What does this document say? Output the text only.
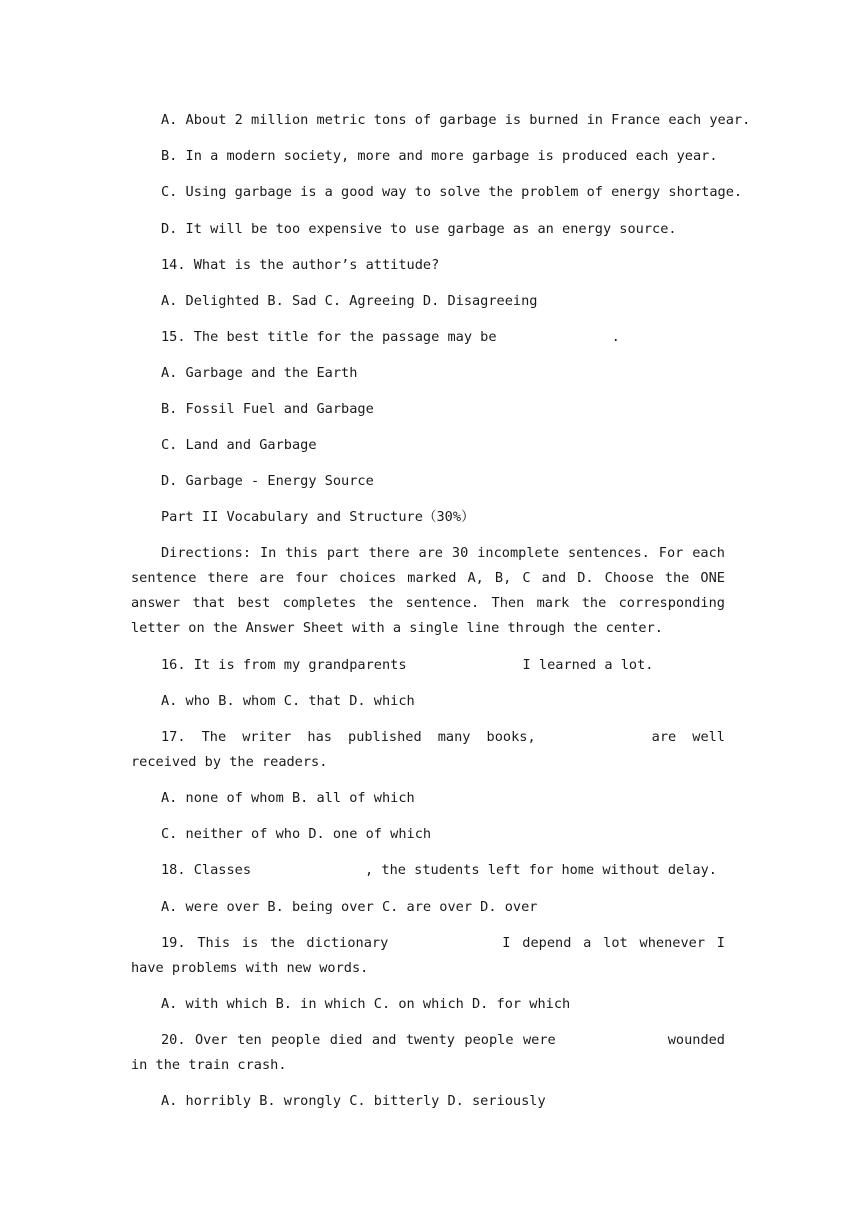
A. About 2 million metric tons of garbage is burned in France each year.
B. In a modern society, more and more garbage is produced each year.
C. Using garbage is a good way to solve the problem of energy shortage.
D. It will be too expensive to use garbage as an energy source.
14. What is the author’s attitude?
A. Delighted B. Sad C. Agreeing D. Disagreeing
15. The best title for the passage may be	.
A. Garbage and the Earth
B. Fossil Fuel and Garbage
C. Land and Garbage
D. Garbage - Energy Source
Part II Vocabulary and Structure（30%）
Directions: In this part there are 30 incomplete sentences. For each sentence there are four choices marked A, B, C and D. Choose the ONE answer that best completes the sentence. Then mark the corresponding letter on the Answer Sheet with a single line through the center.
16. It is from my grandparents	I learned a lot.
A. who B. whom C. that D. which
17. The writer has published many books,	are well received by the readers.
A. none of whom B. all of which
C. neither of who D. one of which
18. Classes	, the students left for home without delay.
A. were over B. being over C. are over D. over
19. This is the dictionary	I depend a lot whenever I have problems with new words.
A. with which B. in which C. on which D. for which
20. Over ten people died and twenty people were	wounded in the train crash.
A. horribly B. wrongly C. bitterly D. seriously
